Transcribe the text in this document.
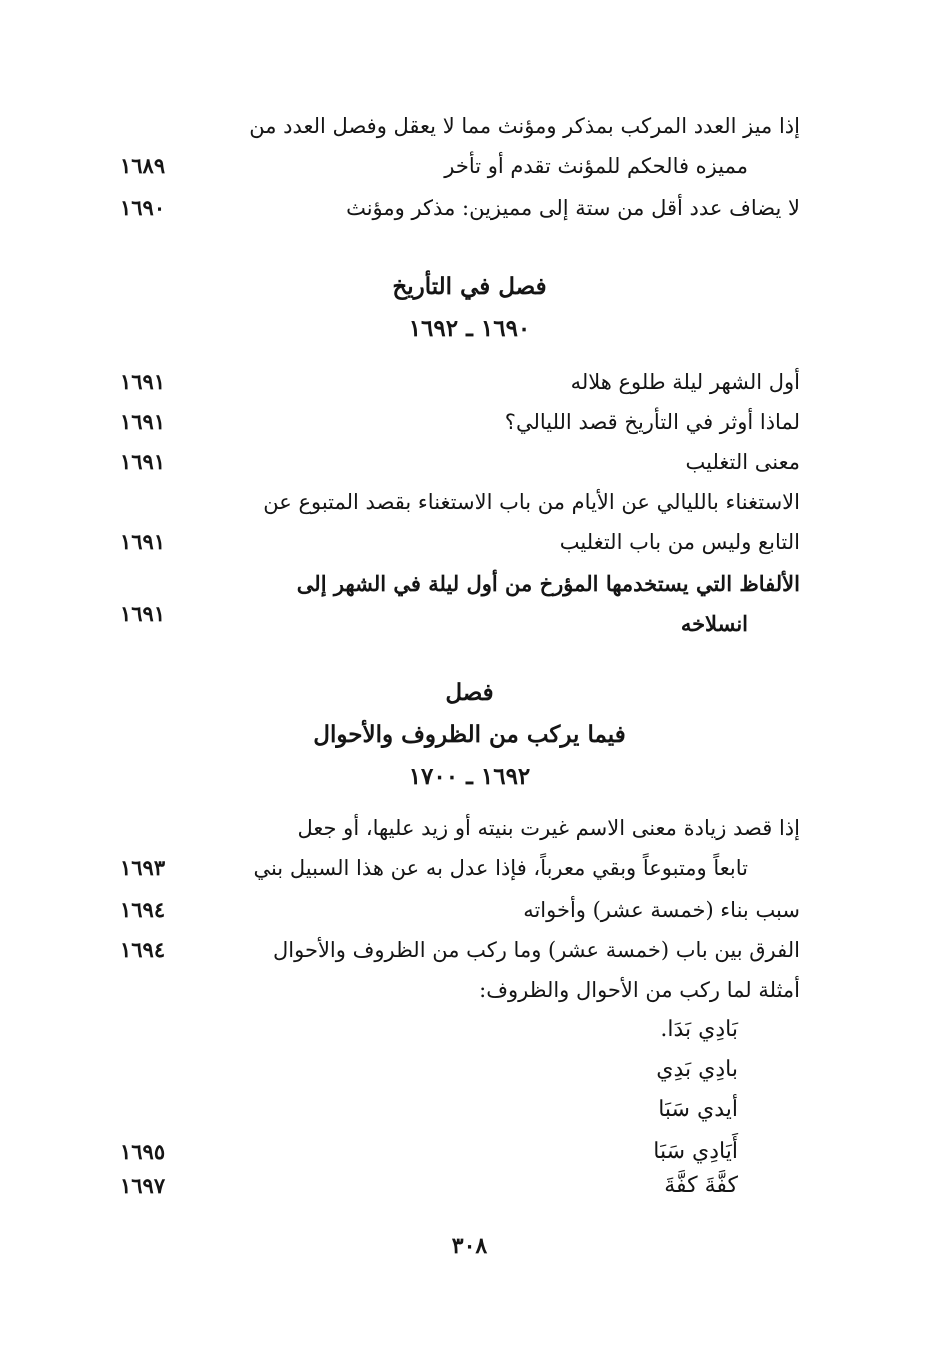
إذا ميز العدد المركب بمذكر ومؤنث مما لا يعقل وفصل العدد من
مميزه فالحكم للمؤنث تقدم أو تأخر
١٦٨٩
لا يضاف عدد أقل من ستة إلى مميزين: مذكر ومؤنث
١٦٩٠
فصل في التأريخ
١٦٩٠ ـ ١٦٩٢
أول الشهر ليلة طلوع هلاله
١٦٩١
لماذا أوثر في التأريخ قصد الليالي؟
١٦٩١
معنى التغليب
١٦٩١
الاستغناء بالليالي عن الأيام من باب الاستغناء بقصد المتبوع عن
التابع وليس من باب التغليب
١٦٩١
الألفاظ التي يستخدمها المؤرخ من أول ليلة في الشهر إلى
انسلاخه
١٦٩١
فصل
فيما يركب من الظروف والأحوال
١٦٩٢ ـ ١٧٠٠
إذا قصد زيادة معنى الاسم غيرت بنيته أو زيد عليها، أو جعل
تابعاً ومتبوعاً وبقي معرباً، فإذا عدل به عن هذا السبيل بني
١٦٩٣
سبب بناء (خمسة عشر) وأخواته
١٦٩٤
الفرق بين باب (خمسة عشر) وما ركب من الظروف والأحوال
١٦٩٤
أمثلة لما ركب من الأحوال والظروف:
بَادِي بَدَا.
بادِي بَدِي
أيدي سَبَا
أَيَادِي سَبَا
١٦٩٥
كفَّةَ كفَّةَ
١٦٩٧
٣٠٨
